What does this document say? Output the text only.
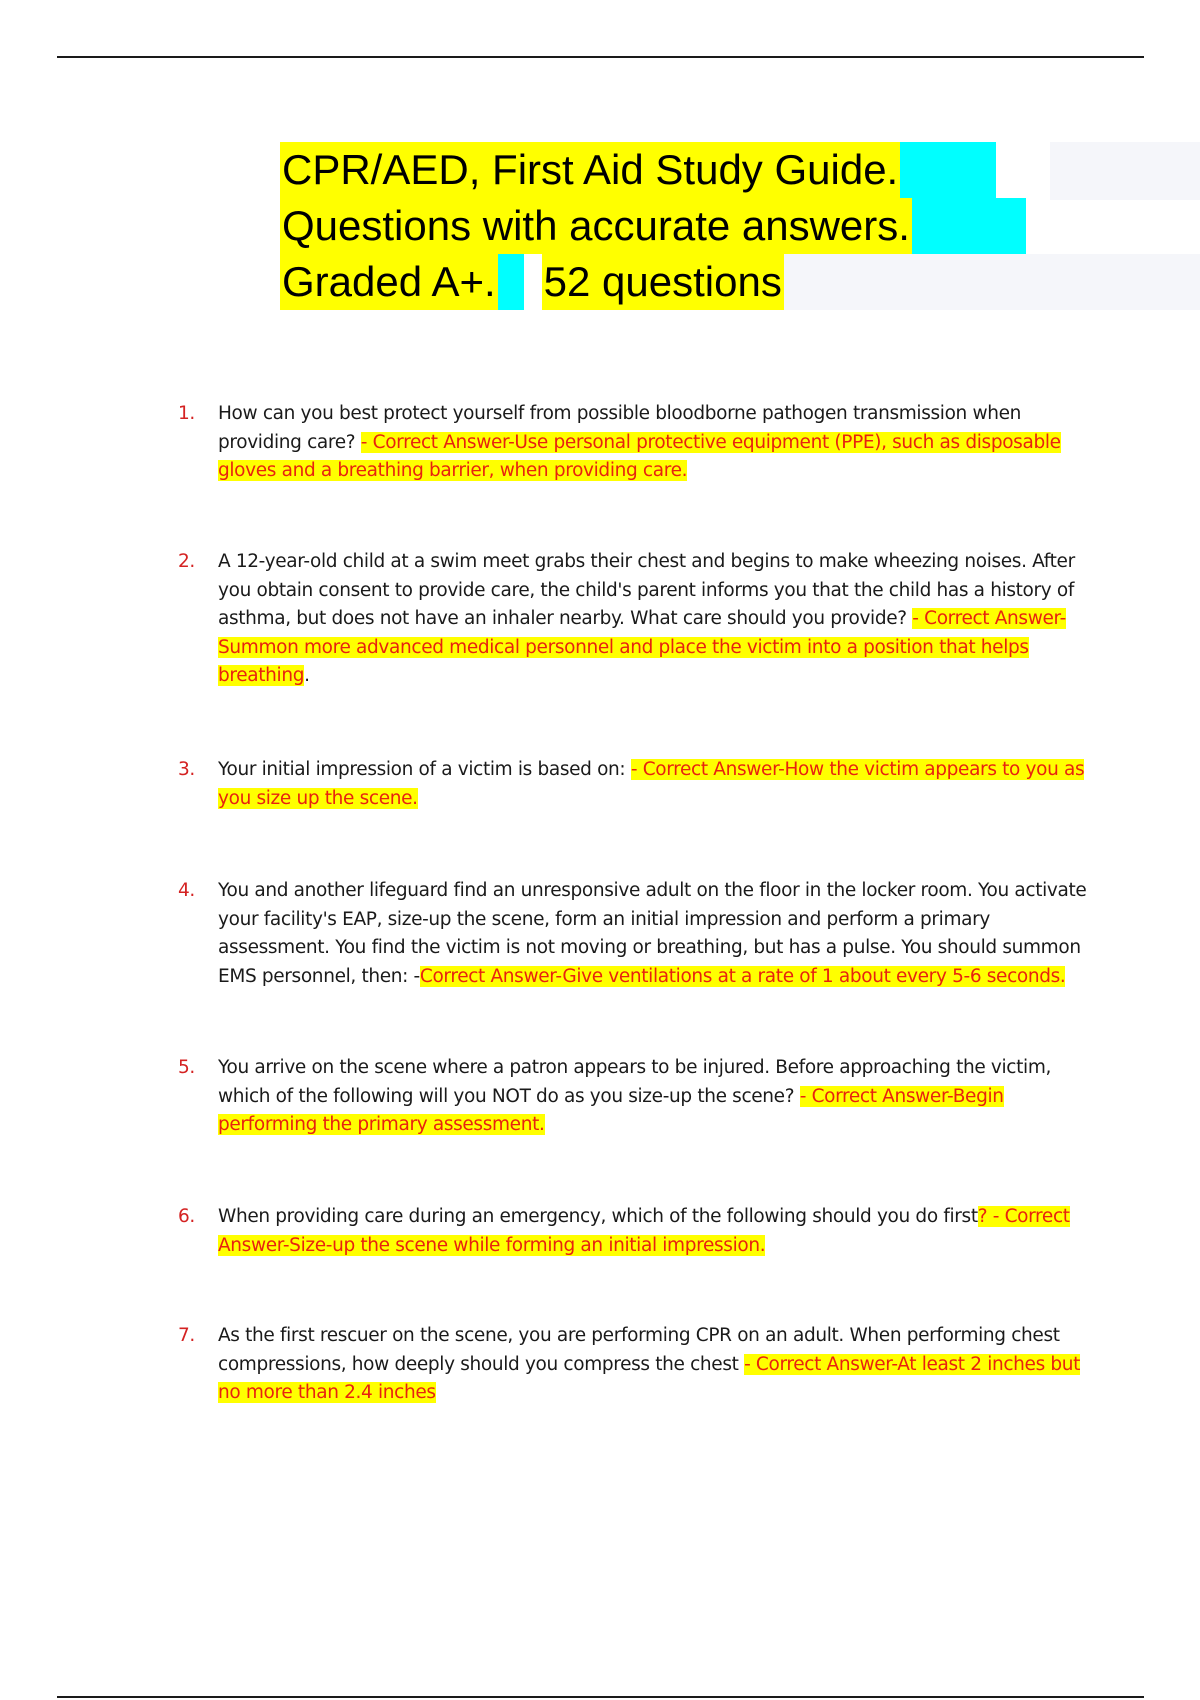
CPR/AED, First Aid Study Guide.
Questions with accurate answers.
Graded A+. 52 questions
1.	How can you best protect yourself from possible bloodborne pathogen transmission when providing care? - Correct Answer-Use personal protective equipment (PPE), such as disposable gloves and a breathing barrier, when providing care.
2.	A 12-year-old child at a swim meet grabs their chest and begins to make wheezing noises. After you obtain consent to provide care, the child's parent informs you that the child has a history of asthma, but does not have an inhaler nearby. What care should you provide? - Correct Answer-Summon more advanced medical personnel and place the victim into a position that helps breathing.
3.	Your initial impression of a victim is based on: - Correct Answer-How the victim appears to you as you size up the scene.
4.	You and another lifeguard find an unresponsive adult on the floor in the locker room. You activate your facility's EAP, size-up the scene, form an initial impression and perform a primary assessment. You find the victim is not moving or breathing, but has a pulse. You should summon EMS personnel, then: -Correct Answer-Give ventilations at a rate of 1 about every 5-6 seconds.
5.	You arrive on the scene where a patron appears to be injured. Before approaching the victim, which of the following will you NOT do as you size-up the scene? - Correct Answer-Begin performing the primary assessment.
6.	When providing care during an emergency, which of the following should you do first? - Correct Answer-Size-up the scene while forming an initial impression.
7.	As the first rescuer on the scene, you are performing CPR on an adult. When performing chest compressions, how deeply should you compress the chest - Correct Answer-At least 2 inches but no more than 2.4 inches
